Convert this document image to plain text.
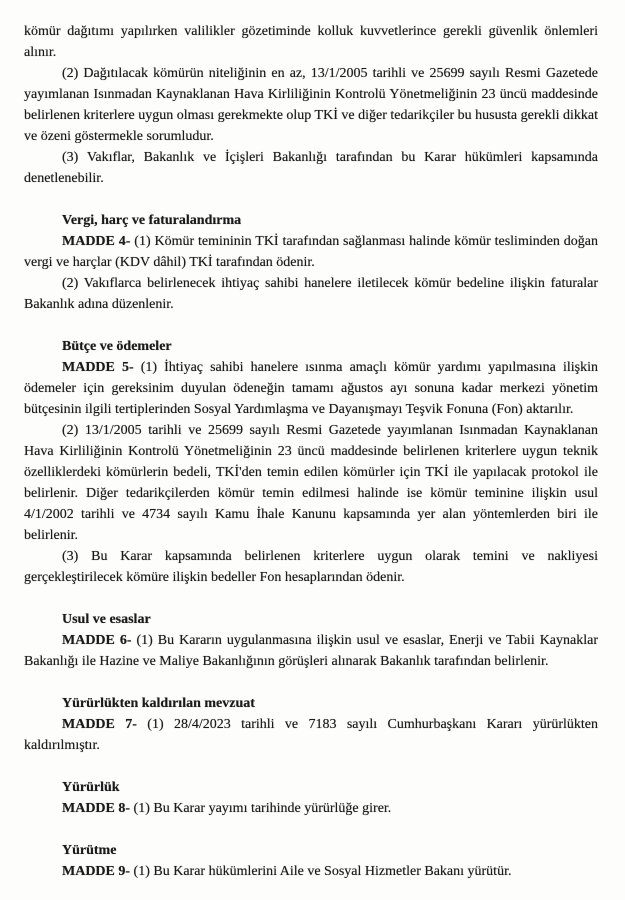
kömür dağıtımı yapılırken valilikler gözetiminde kolluk kuvvetlerince gerekli güvenlik önlemleri alınır.

(2) Dağıtılacak kömürün niteliğinin en az, 13/1/2005 tarihli ve 25699 sayılı Resmi Gazetede yayımlanan Isınmadan Kaynaklanan Hava Kirliliğinin Kontrolü Yönetmeliğinin 23 üncü maddesinde belirlenen kriterlere uygun olması gerekmekte olup TKİ ve diğer tedarikçiler bu hususta gerekli dikkat ve özeni göstermekle sorumludur.

(3) Vakıflar, Bakanlık ve İçişleri Bakanlığı tarafından bu Karar hükümleri kapsamında denetlenebilir.

Vergi, harç ve faturalandırma

MADDE 4- (1) Kömür temininin TKİ tarafından sağlanması halinde kömür tesliminden doğan vergi ve harçlar (KDV dâhil) TKİ tarafından ödenir.

(2) Vakıflarca belirlenecek ihtiyaç sahibi hanelere iletilecek kömür bedeline ilişkin faturalar Bakanlık adına düzenlenir.

Bütçe ve ödemeler

MADDE 5- (1) İhtiyaç sahibi hanelere ısınma amaçlı kömür yardımı yapılmasına ilişkin ödemeler için gereksinim duyulan ödeneğin tamamı ağustos ayı sonuna kadar merkezi yönetim bütçesinin ilgili tertiplerinden Sosyal Yardımlaşma ve Dayanışmayı Teşvik Fonuna (Fon) aktarılır.

(2) 13/1/2005 tarihli ve 25699 sayılı Resmi Gazetede yayımlanan Isınmadan Kaynaklanan Hava Kirliliğinin Kontrolü Yönetmeliğinin 23 üncü maddesinde belirlenen kriterlere uygun teknik özelliklerdeki kömürlerin bedeli, TKİ'den temin edilen kömürler için TKİ ile yapılacak protokol ile belirlenir. Diğer tedarikçilerden kömür temin edilmesi halinde ise kömür teminine ilişkin usul 4/1/2002 tarihli ve 4734 sayılı Kamu İhale Kanunu kapsamında yer alan yöntemlerden biri ile belirlenir.

(3) Bu Karar kapsamında belirlenen kriterlere uygun olarak temini ve nakliyesi gerçekleştirilecek kömüre ilişkin bedeller Fon hesaplarından ödenir.

Usul ve esaslar

MADDE 6- (1) Bu Kararın uygulanmasına ilişkin usul ve esaslar, Enerji ve Tabii Kaynaklar Bakanlığı ile Hazine ve Maliye Bakanlığının görüşleri alınarak Bakanlık tarafından belirlenir.

Yürürlükten kaldırılan mevzuat

MADDE 7- (1) 28/4/2023 tarihli ve 7183 sayılı Cumhurbaşkanı Kararı yürürlükten kaldırılmıştır.

Yürürlük

MADDE 8- (1) Bu Karar yayımı tarihinde yürürlüğe girer.

Yürütme

MADDE 9- (1) Bu Karar hükümlerini Aile ve Sosyal Hizmetler Bakanı yürütür.
